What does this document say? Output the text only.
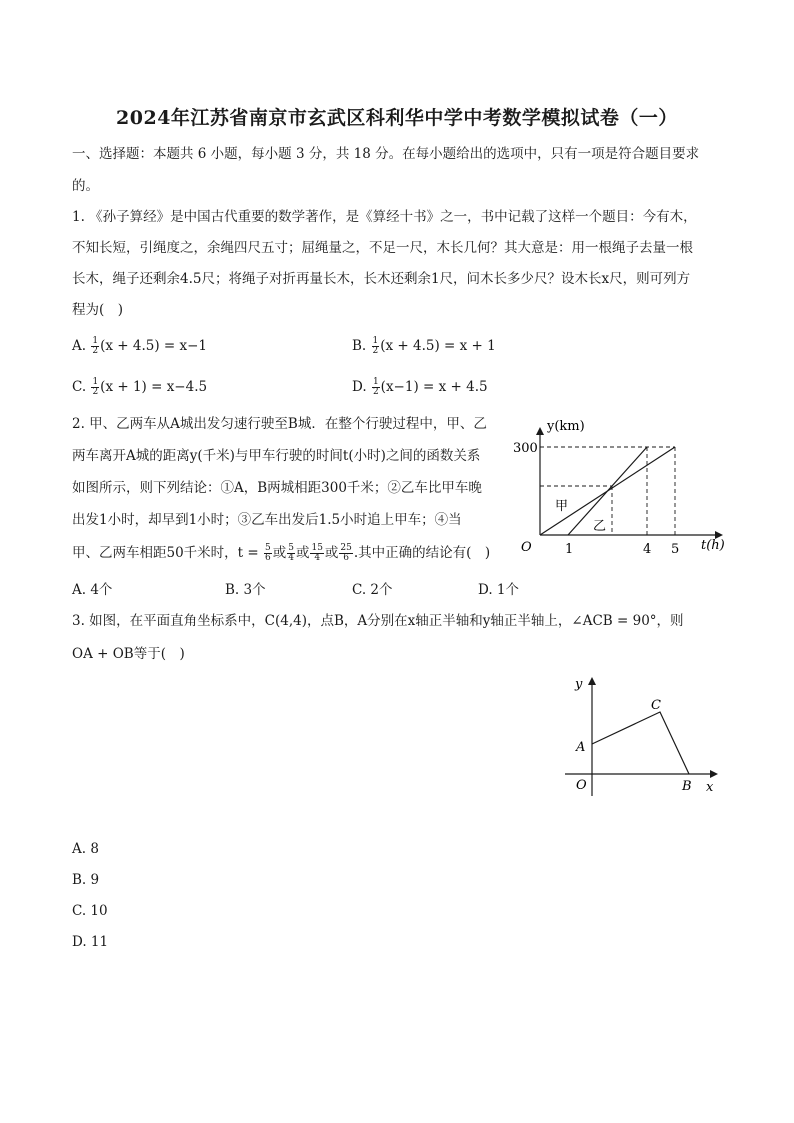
2024年江苏省南京市玄武区科利华中学中考数学模拟试卷（一）
一、选择题：本题共 6 小题，每小题 3 分，共 18 分。在每小题给出的选项中，只有一项是符合题目要求
的。
1. 《孙子算经》是中国古代重要的数学著作，是《算经十书》之一，书中记载了这样一个题目：今有木，
不知长短，引绳度之，余绳四尺五寸；屈绳量之，不足一尺，木长几何？其大意是：用一根绳子去量一根
长木，绳子还剩余4.5尺；将绳子对折再量长木，长木还剩余1尺，问木长多少尺？设木长x尺，则可列方
程为(　)
A. $\frac{1}{2} (x + 4.5) = x-1$	B. $\frac{1}{2} (x + 4.5) = x + 1$
C. $\frac{1}{2} (x + 1) = x-4.5$	D. $\frac{1}{2} (x-1) = x + 4.5$
2. 甲、乙两车从A城出发匀速行驶至B城．在整个行驶过程中，甲、乙
两车离开A城的距离y(千米)与甲车行驶的时间t(小时)之间的函数关系
如图所示，则下列结论：①A，B两城相距300千米；②乙车比甲车晚
出发1小时，却早到1小时；③乙车出发后1.5小时追上甲车；④当
甲、乙两车相距50千米时，$t = \frac{5}{6}$ 或 $\frac{5}{4}$ 或 $\frac{15}{4}$ 或 $\frac{25}{6}$ .其中正确的结论有(　)
y(km)
t(h)
O
300
1	4 5
甲
乙
A. 4个	B. 3个	C. 2个	D. 1个
3. 如图，在平面直角坐标系中，C(4,4)，点B，A分别在x轴正半轴和y轴正半轴上，∠ACB = 90°，则
OA + OB等于(　)
y
x
O
A
B
C
A. 8
B. 9
C. 10
D. 11
